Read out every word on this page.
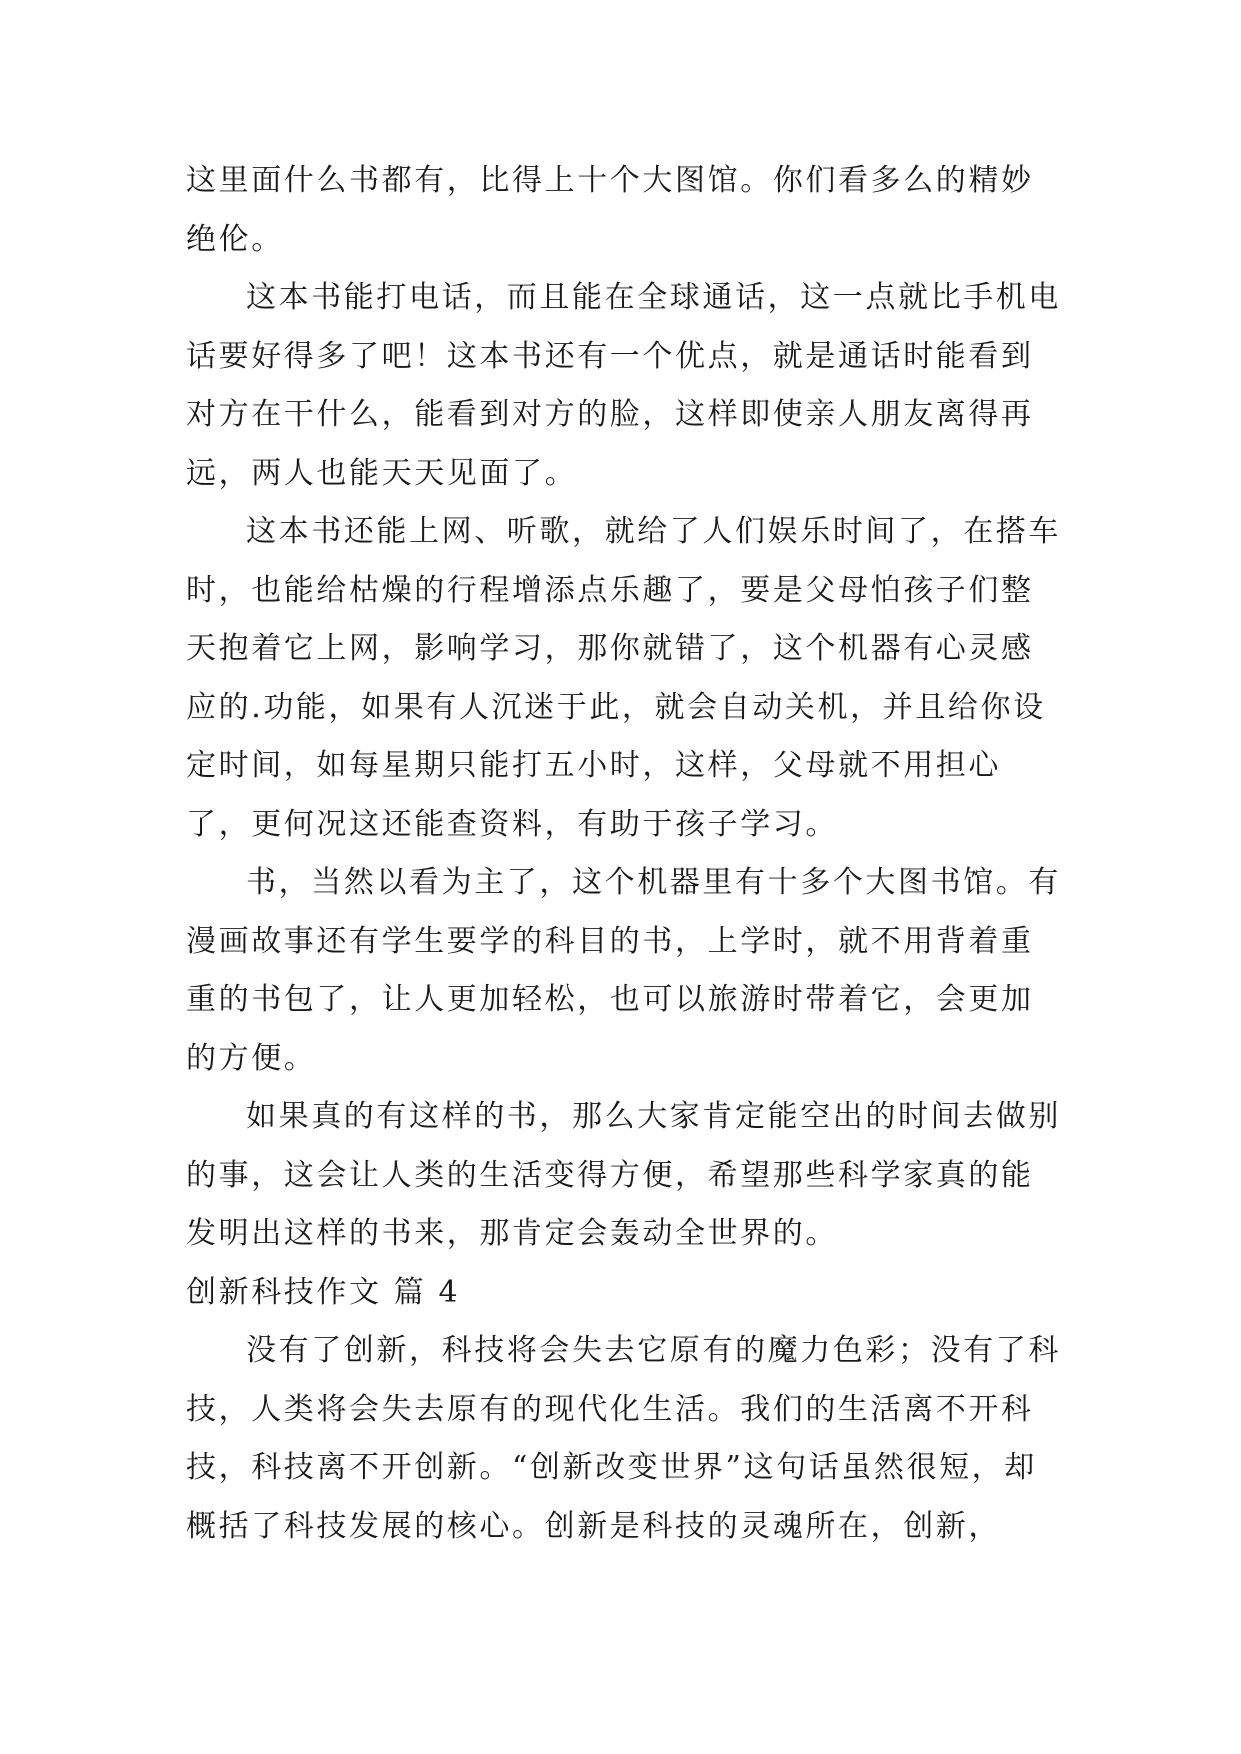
这里面什么书都有，比得上十个大图馆。你们看多么的精妙绝伦。

这本书能打电话，而且能在全球通话，这一点就比手机电话要好得多了吧！这本书还有一个优点，就是通话时能看到对方在干什么，能看到对方的脸，这样即使亲人朋友离得再远，两人也能天天见面了。

这本书还能上网、听歌，就给了人们娱乐时间了，在搭车时，也能给枯燥的行程增添点乐趣了，要是父母怕孩子们整天抱着它上网，影响学习，那你就错了，这个机器有心灵感应的.功能，如果有人沉迷于此，就会自动关机，并且给你设定时间，如每星期只能打五小时，这样，父母就不用担心了，更何况这还能查资料，有助于孩子学习。

书，当然以看为主了，这个机器里有十多个大图书馆。有漫画故事还有学生要学的科目的书，上学时，就不用背着重重的书包了，让人更加轻松，也可以旅游时带着它，会更加的方便。

如果真的有这样的书，那么大家肯定能空出的时间去做别的事，这会让人类的生活变得方便，希望那些科学家真的能发明出这样的书来，那肯定会轰动全世界的。

创新科技作文 篇 4

没有了创新，科技将会失去它原有的魔力色彩；没有了科技，人类将会失去原有的现代化生活。我们的生活离不开科技，科技离不开创新。“创新改变世界”这句话虽然很短，却概括了科技发展的核心。创新是科技的灵魂所在，创新，
